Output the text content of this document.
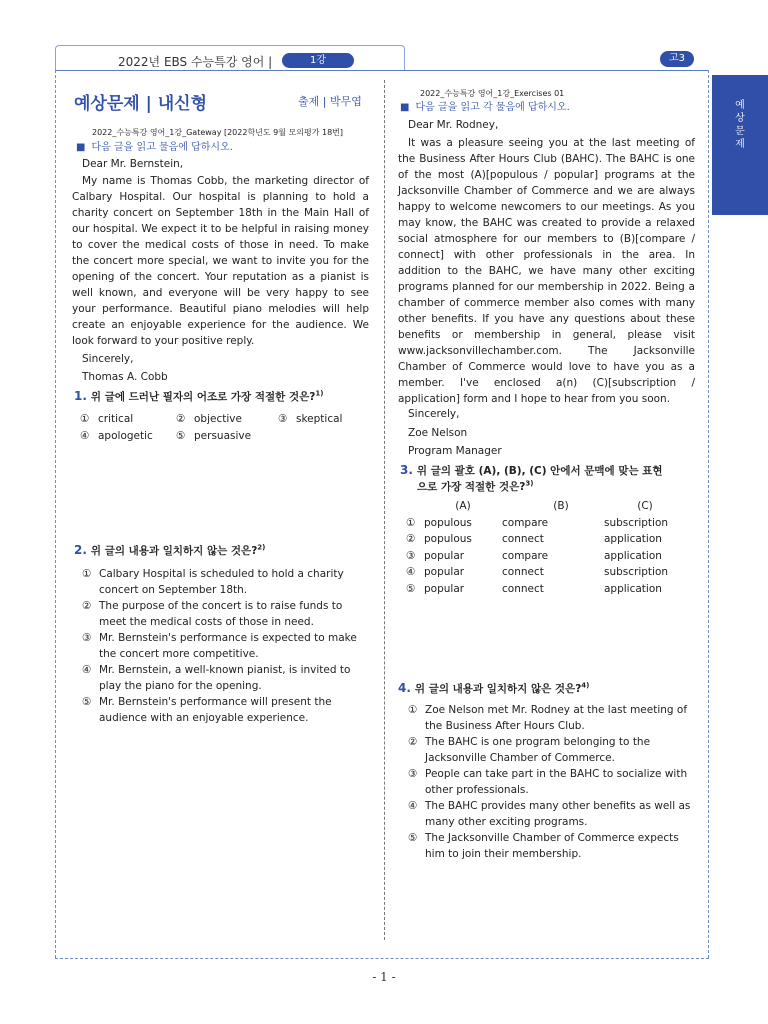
2022년 EBS 수능특강 영어 |	1강	고3
예
상
문
제
예상문제 | 내신형	출제 | 박무엽
2022_수능특강 영어_1강_Gateway [2022학년도 9월 모의평가 18번]
■ 다음 글을 읽고 물음에 답하시오.
Dear Mr. Bernstein,

My name is Thomas Cobb, the marketing director of Calbary Hospital. Our hospital is planning to hold a charity concert on September 18th in the Main Hall of our hospital. We expect it to be helpful in raising money to cover the medical costs of those in need. To make the concert more special, we want to invite you for the opening of the concert. Your reputation as a pianist is well known, and everyone will be very happy to see your performance. Beautiful piano melodies will help create an enjoyable experience for the audience. We look forward to your positive reply.

Sincerely,
Thomas A. Cobb
1. 위 글에 드러난 필자의 어조로 가장 적절한 것은?$^{1)}$
① critical	② objective	③ skeptical
④ apologetic ⑤ persuasive
2. 위 글의 내용과 일치하지 않는 것은?$^{2)}$
① Calbary Hospital is scheduled to hold a charity concert on September 18th.
② The purpose of the concert is to raise funds to meet the medical costs of those in need.
③ Mr. Bernstein's performance is expected to make the concert more competitive.
④ Mr. Bernstein, a well-known pianist, is invited to play the piano for the opening.
⑤ Mr. Bernstein's performance will present the audience with an enjoyable experience.
2022_수능특강 영어_1강_Exercises 01
■ 다음 글을 읽고 각 물음에 답하시오.
Dear Mr. Rodney,

It was a pleasure seeing you at the last meeting of the Business After Hours Club (BAHC). The BAHC is one of the most (A)[populous / popular] programs at the Jacksonville Chamber of Commerce and we are always happy to welcome newcomers to our meetings. As you may know, the BAHC was created to provide a relaxed social atmosphere for our members to (B)[compare / connect] with other professionals in the area. In addition to the BAHC, we have many other exciting programs planned for our membership in 2022. Being a chamber of commerce member also comes with many other benefits. If you have any questions about these benefits or membership in general, please visit www.jacksonvillechamber.com. The Jacksonville Chamber of Commerce would love to have you as a member. I've enclosed a(n) (C)[subscription / application] form and I hope to hear from you soon.

Sincerely,
Zoe Nelson
Program Manager
3. 위 글의 괄호 (A), (B), (C) 안에서 문맥에 맞는 표현
으로 가장 적절한 것은?$^{3)}$
	(A)	(B)	(C)
①	populous	compare	subscription
②	populous	connect	application
③	popular	compare	application
④	popular	connect	subscription
⑤	popular	connect	application
4. 위 글의 내용과 일치하지 않은 것은?$^{4)}$
① Zoe Nelson met Mr. Rodney at the last meeting of the Business After Hours Club.
② The BAHC is one program belonging to the Jacksonville Chamber of Commerce.
③ People can take part in the BAHC to socialize with other professionals.
④ The BAHC provides many other benefits as well as many other exciting programs.
⑤ The Jacksonville Chamber of Commerce expects him to join their membership.
- 1 -
